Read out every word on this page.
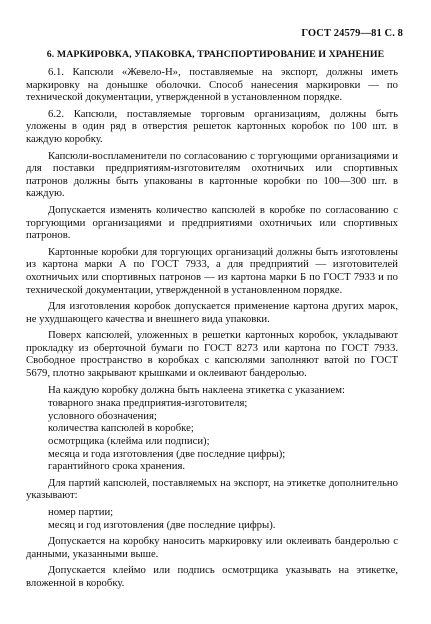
ГОСТ 24579—81 С. 8
6. МАРКИРОВКА, УПАКОВКА, ТРАНСПОРТИРОВАНИЕ И ХРАНЕНИЕ

6.1. Капсюли «Жевело-Н», поставляемые на экспорт, должны иметь маркировку на донышке оболочки. Способ нанесения маркировки — по технической документации, утвержденной в установленном порядке.

6.2. Капсюли, поставляемые торговым организациям, должны быть уложены в один ряд в отверстия решеток картонных коробок по 100 шт. в каждую коробку.

Капсюли-воспламенители по согласованию с торгующими организациями и для поставки предприятиям-изготовителям охотничьих или спортивных патронов должны быть упакованы в картонные коробки по 100—300 шт. в каждую.

Допускается изменять количество капсюлей в коробке по согласованию с торгующими организациями и предприятиями охотничьих или спортивных патронов.

Картонные коробки для торгующих организаций должны быть изготовлены из картона марки А по ГОСТ 7933, а для предприятий — изготовителей охотничьих или спортивных патронов — из картона марки Б по ГОСТ 7933 и по технической документации, утвержденной в установленном порядке.

Для изготовления коробок допускается применение картона других марок, не ухудшающего качества и внешнего вида упаковки.

Поверх капсюлей, уложенных в решетки картонных коробок, укладывают прокладку из оберточной бумаги по ГОСТ 8273 или картона по ГОСТ 7933. Свободное пространство в коробках с капсюлями заполняют ватой по ГОСТ 5679, плотно закрывают крышками и оклеивают бандеролью.

На каждую коробку должна быть наклеена этикетка с указанием:

товарного знака предприятия-изготовителя;
условного обозначения;
количества капсюлей в коробке;
осмотрщика (клейма или подписи);
месяца и года изготовления (две последние цифры);
гарантийного срока хранения.

Для партий капсюлей, поставляемых на экспорт, на этикетке дополнительно указывают:

номер партии;
месяц и год изготовления (две последние цифры).

Допускается на коробку наносить маркировку или оклеивать бандеролью с данными, указанными выше.

Допускается клеймо или подпись осмотрщика указывать на этикетке, вложенной в коробку.
